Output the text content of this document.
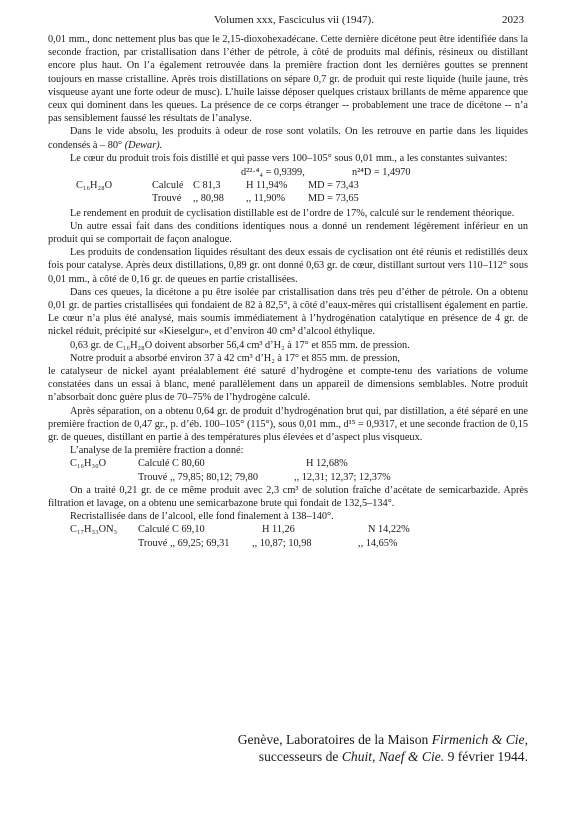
Volumen xxx, Fasciculus vii (1947).	2023

0,01 mm., donc nettement plus bas que le 2,15-dioxohexadécane. Cette dernière dicétone peut être identifiée dans la seconde fraction, par cristallisation dans l’éther de pétrole, à côté de produits mal définis, résineux ou distillant encore plus haut. On l’a également retrouvée dans la première fraction dont les dernières gouttes se prennent toujours en masse cristalline. Après trois distillations on sépare 0,7 gr. de produit qui reste liquide (huile jaune, très visqueuse ayant une forte odeur de musc). L’huile laisse déposer quelques cristaux brillants de même apparence que ceux qui dominent dans les queues. La présence de ce corps étranger -- probablement une trace de dicétone -- n’a pas sensiblement faussé les résultats de l’analyse.

Dans le vide absolu, les produits à odeur de rose sont volatils. On les retrouve en partie dans les liquides condensés à – 80° (Dewar).

Le cœur du produit trois fois distillé et qui passe vers 100–105° sous 0,01 mm., a les constantes suivantes:

d²²·⁴₄ = 0,9399,	n²⁴D = 1,4970
C₁₆H₂₈O	Calculé C 81,3 H 11,94% MD = 73,43
Trouvé ,, 80,98 ,, 11,90% MD = 73,65

Le rendement en produit de cyclisation distillable est de l’ordre de 17%, calculé sur le rendement théorique.

Un autre essai fait dans des conditions identiques nous a donné un rendement légèrement inférieur en un produit qui se comportait de façon analogue.

Les produits de condensation liquides résultant des deux essais de cyclisation ont été réunis et redistillés deux fois pour catalyse. Après deux distillations, 0,89 gr. ont donné 0,63 gr. de cœur, distillant surtout vers 110–112° sous 0,01 mm., à côté de 0,16 gr. de queues en partie cristallisées.

Dans ces queues, la dicétone a pu être isolée par cristallisation dans très peu d’éther de pétrole. On a obtenu 0,01 gr. de parties cristallisées qui fondaient de 82 à 82,5°, à côté d’eaux-mères qui cristallisent également en partie. Le cœur n’a plus été analysé, mais soumis immédiatement à l’hydrogénation catalytique en présence de 4 gr. de nickel réduit, précipité sur «Kieselgur», et d’environ 40 cm³ d’alcool éthylique.

0,63 gr. de C₁₆H₂₈O doivent absorber 56,4 cm³ d’H₂ à 17° et 855 mm. de pression.

Notre produit a absorbé environ 37 à 42 cm³ d’H₂ à 17° et 855 mm. de pression,

le catalyseur de nickel ayant préalablement été saturé d’hydrogène et compte-tenu des variations de volume constatées dans un essai à blanc, mené parallèlement dans un appareil de dimensions semblables. Notre produit n’absorbait donc guère plus de 70–75% de l’hydrogène calculé.

Après séparation, on a obtenu 0,64 gr. de produit d’hydrogénation brut qui, par distillation, a été séparé en une première fraction de 0,47 gr., p. d’éb. 100–105° (115°), sous 0,01 mm., d¹⁵ = 0,9317, et une seconde fraction de 0,15 gr. de queues, distillant en partie à des températures plus élevées et d’aspect plus visqueux.

L’analyse de la première fraction a donné:

C₁₆H₃₀O	Calculé C 80,60	H 12,68%
Trouvé ,, 79,85; 80,12; 79,80	,, 12,31; 12,37; 12,37%

On a traité 0,21 gr. de ce même produit avec 2,3 cm³ de solution fraîche d’acétate de semicarbazide. Après filtration et lavage, on a obtenu une semicarbazone brute qui fondait de 132,5–134°.

Recristallisée dans de l’alcool, elle fond finalement à 138–140°.

C₁₇H₃₃ON₃ Calculé C 69,10	H 11,26	N 14,22%
Trouvé ,, 69,25; 69,31 ,, 10,87; 10,98	,, 14,65%
Genève, Laboratoires de la Maison Firmenich & Cie,
successeurs de Chuit, Naef & Cie. 9 février 1944.
